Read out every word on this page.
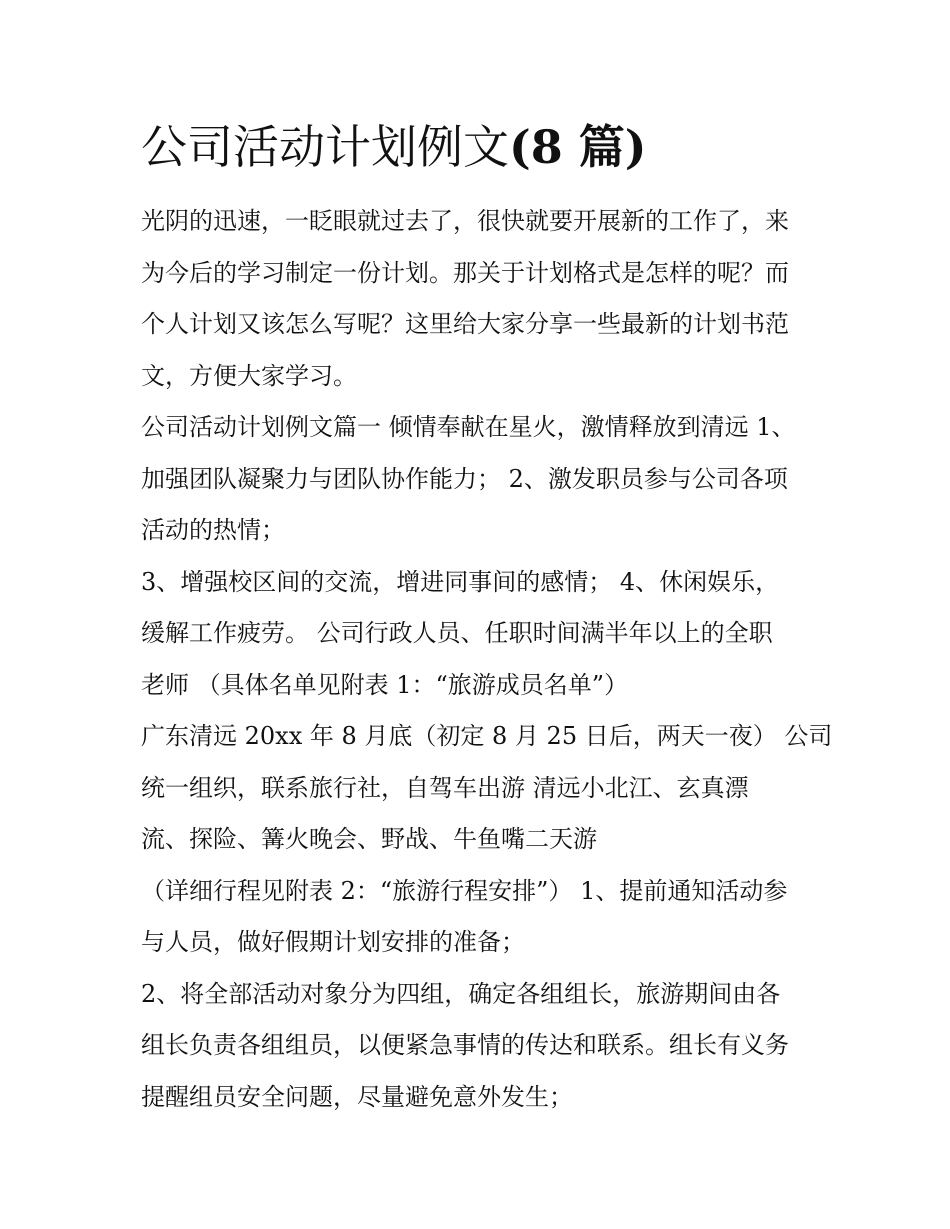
公司活动计划例文(8 篇)
光阴的迅速，一眨眼就过去了，很快就要开展新的工作了，来
为今后的学习制定一份计划。那关于计划格式是怎样的呢？而
个人计划又该怎么写呢？这里给大家分享一些最新的计划书范
文，方便大家学习。
公司活动计划例文篇一 倾情奉献在星火，激情释放到清远 1、
加强团队凝聚力与团队协作能力； 2、激发职员参与公司各项
活动的热情；
3、增强校区间的交流，增进同事间的感情； 4、休闲娱乐，
缓解工作疲劳。 公司行政人员、任职时间满半年以上的全职
老师 （具体名单见附表 1：“旅游成员名单”）
广东清远 20xx 年 8 月底（初定 8 月 25 日后，两天一夜） 公司
统一组织，联系旅行社，自驾车出游 清远小北江、玄真漂
流、探险、篝火晚会、野战、牛鱼嘴二天游
（详细行程见附表 2：“旅游行程安排”） 1、提前通知活动参
与人员，做好假期计划安排的准备；
2、将全部活动对象分为四组，确定各组组长，旅游期间由各
组长负责各组组员，以便紧急事情的传达和联系。组长有义务
提醒组员安全问题，尽量避免意外发生；
